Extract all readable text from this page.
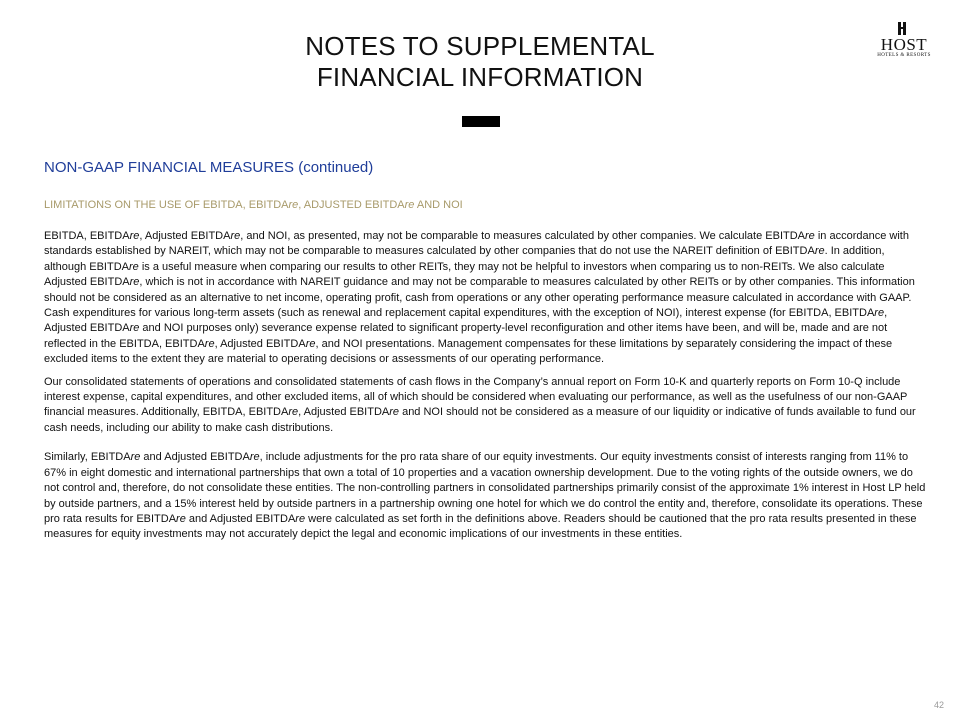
NOTES TO SUPPLEMENTAL
FINANCIAL INFORMATION
HOST
HOTELS & RESORTS
NON-GAAP FINANCIAL MEASURES (continued)
LIMITATIONS ON THE USE OF EBITDA, EBITDAre, ADJUSTED EBITDAre AND NOI

EBITDA, EBITDAre, Adjusted EBITDAre, and NOI, as presented, may not be comparable to measures calculated by other companies. We calculate EBITDAre in accordance with standards established by NAREIT, which may not be comparable to measures calculated by other companies that do not use the NAREIT definition of EBITDAre. In addition, although EBITDAre is a useful measure when comparing our results to other REITs, they may not be helpful to investors when comparing us to non-REITs. We also calculate Adjusted EBITDAre, which is not in accordance with NAREIT guidance and may not be comparable to measures calculated by other REITs or by other companies. This information should not be considered as an alternative to net income, operating profit, cash from operations or any other operating performance measure calculated in accordance with GAAP. Cash expenditures for various long-term assets (such as renewal and replacement capital expenditures, with the exception of NOI), interest expense (for EBITDA, EBITDAre, Adjusted EBITDAre and NOI purposes only) severance expense related to significant property-level reconfiguration and other items have been, and will be, made and are not reflected in the EBITDA, EBITDAre, Adjusted EBITDAre, and NOI presentations. Management compensates for these limitations by separately considering the impact of these excluded items to the extent they are material to operating decisions or assessments of our operating performance.

Our consolidated statements of operations and consolidated statements of cash flows in the Company’s annual report on Form 10-K and quarterly reports on Form 10-Q include interest expense, capital expenditures, and other excluded items, all of which should be considered when evaluating our performance, as well as the usefulness of our non-GAAP financial measures. Additionally, EBITDA, EBITDAre, Adjusted EBITDAre and NOI should not be considered as a measure of our liquidity or indicative of funds available to fund our cash needs, including our ability to make cash distributions.

Similarly, EBITDAre and Adjusted EBITDAre, include adjustments for the pro rata share of our equity investments. Our equity investments consist of interests ranging from 11% to 67% in eight domestic and international partnerships that own a total of 10 properties and a vacation ownership development. Due to the voting rights of the outside owners, we do not control and, therefore, do not consolidate these entities. The non-controlling partners in consolidated partnerships primarily consist of the approximate 1% interest in Host LP held by outside partners, and a 15% interest held by outside partners in a partnership owning one hotel for which we do control the entity and, therefore, consolidate its operations. These pro rata results for EBITDAre and Adjusted EBITDAre were calculated as set forth in the definitions above. Readers should be cautioned that the pro rata results presented in these measures for equity investments may not accurately depict the legal and economic implications of our investments in these entities.

42
